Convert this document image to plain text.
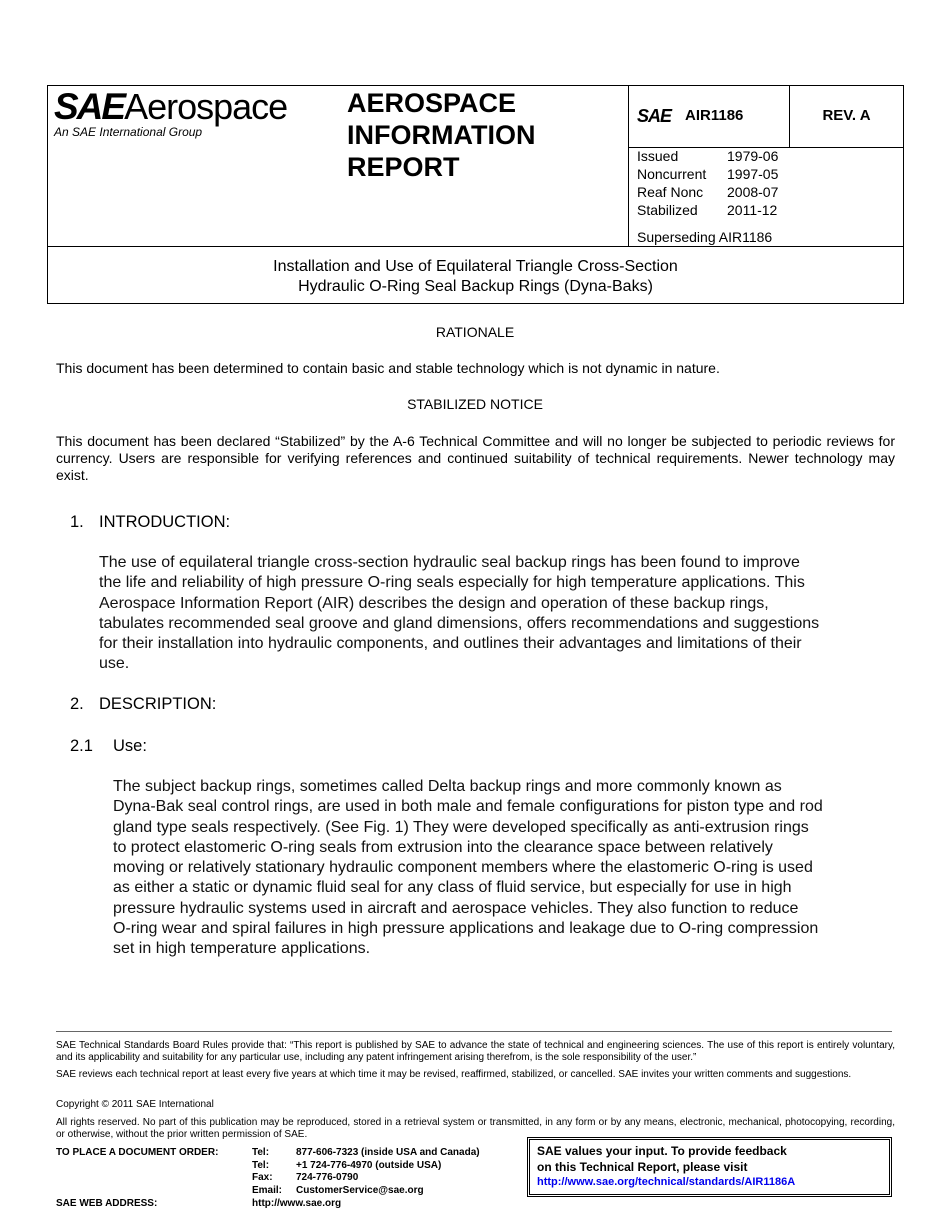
SAEAerospace
An SAE International Group
AEROSPACE
INFORMATION
REPORT
SAE AIR1186	REV. A
Issued	1979-06
Noncurrent 1997-05
Reaf Nonc 2008-07
Stabilized 2011-12
Superseding AIR1186
Installation and Use of Equilateral Triangle Cross-Section
Hydraulic O-Ring Seal Backup Rings (Dyna-Baks)
RATIONALE
This document has been determined to contain basic and stable technology which is not dynamic in nature.
STABILIZED NOTICE
This document has been declared “Stabilized” by the A-6 Technical Committee and will no longer be subjected to periodic reviews for currency. Users are responsible for verifying references and continued suitability of technical requirements. Newer technology may exist.
1. INTRODUCTION:
The use of equilateral triangle cross-section hydraulic seal backup rings has been found to improve
the life and reliability of high pressure O-ring seals especially for high temperature applications. This
Aerospace Information Report (AIR) describes the design and operation of these backup rings,
tabulates recommended seal groove and gland dimensions, offers recommendations and suggestions
for their installation into hydraulic components, and outlines their advantages and limitations of their
use.
2. DESCRIPTION:
2.1 Use:
The subject backup rings, sometimes called Delta backup rings and more commonly known as
Dyna-Bak seal control rings, are used in both male and female configurations for piston type and rod
gland type seals respectively. (See Fig. 1) They were developed specifically as anti-extrusion rings
to protect elastomeric O-ring seals from extrusion into the clearance space between relatively
moving or relatively stationary hydraulic component members where the elastomeric O-ring is used
as either a static or dynamic fluid seal for any class of fluid service, but especially for use in high
pressure hydraulic systems used in aircraft and aerospace vehicles. They also function to reduce
O-ring wear and spiral failures in high pressure applications and leakage due to O-ring compression
set in high temperature applications.
SAE Technical Standards Board Rules provide that: “This report is published by SAE to advance the state of technical and engineering sciences. The use of this report is entirely voluntary, and its applicability and suitability for any particular use, including any patent infringement arising therefrom, is the sole responsibility of the user.”
SAE reviews each technical report at least every five years at which time it may be revised, reaffirmed, stabilized, or cancelled. SAE invites your written comments and suggestions.
Copyright © 2011 SAE International
All rights reserved. No part of this publication may be reproduced, stored in a retrieval system or transmitted, in any form or by any means, electronic, mechanical, photocopying, recording, or otherwise, without the prior written permission of SAE.
TO PLACE A DOCUMENT ORDER:	Tel:	877-606-7323 (inside USA and Canada)
Tel:	+1 724-776-4970 (outside USA)
Fax: 724-776-0790
Email: CustomerService@sae.org
SAE WEB ADDRESS:	http://www.sae.org
SAE values your input. To provide feedback
on this Technical Report, please visit
http://www.sae.org/technical/standards/AIR1186A
